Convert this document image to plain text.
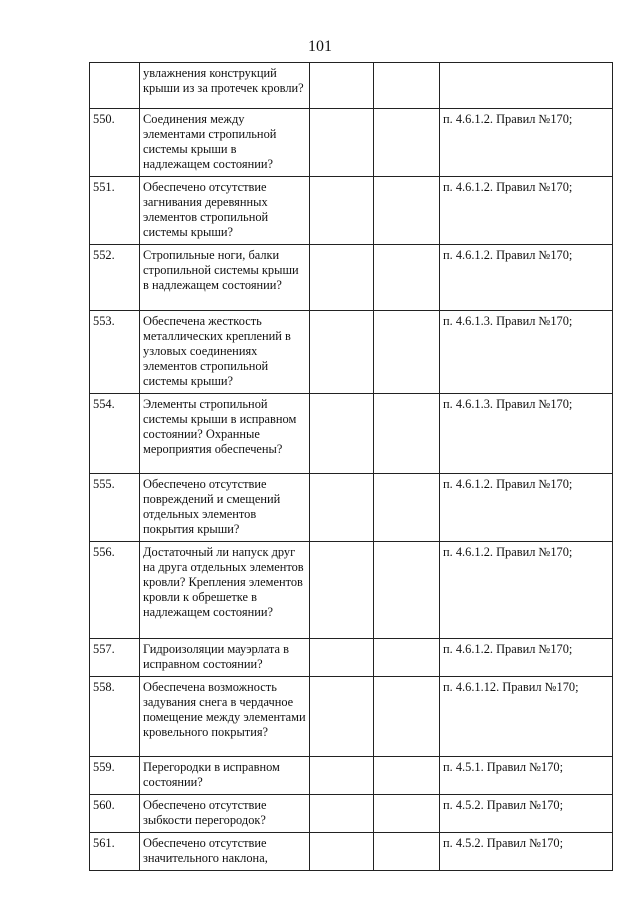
101
	увлажнения конструкций крыши из за протечек кровли?			
550.	Соединения между элементами стропильной системы крыши в надлежащем состоянии?			п. 4.6.1.2. Правил №170;
551.	Обеспечено отсутствие загнивания деревянных элементов стропильной системы крыши?			п. 4.6.1.2. Правил №170;
552.	Стропильные ноги, балки стропильной системы крыши в надлежащем состоянии?			п. 4.6.1.2. Правил №170;
553.	Обеспечена жесткость металлических креплений в узловых соединениях элементов стропильной системы крыши?			п. 4.6.1.3. Правил №170;
554.	Элементы стропильной системы крыши в исправном состоянии? Охранные мероприятия обеспечены?			п. 4.6.1.3. Правил №170;
555.	Обеспечено отсутствие повреждений и смещений отдельных элементов покрытия крыши?			п. 4.6.1.2. Правил №170;
556.	Достаточный ли напуск друг на друга отдельных элементов кровли? Крепления элементов кровли к обрешетке в надлежащем состоянии?			п. 4.6.1.2. Правил №170;
557.	Гидроизоляции мауэрлата в исправном состоянии?			п. 4.6.1.2. Правил №170;
558.	Обеспечена возможность задувания снега в чердачное помещение между элементами кровельного покрытия?			п. 4.6.1.12. Правил №170;
559.	Перегородки в исправном состоянии?			п. 4.5.1. Правил №170;
560.	Обеспечено отсутствие зыбкости перегородок?			п. 4.5.2. Правил №170;
561.	Обеспечено отсутствие значительного наклона,			п. 4.5.2. Правил №170;
